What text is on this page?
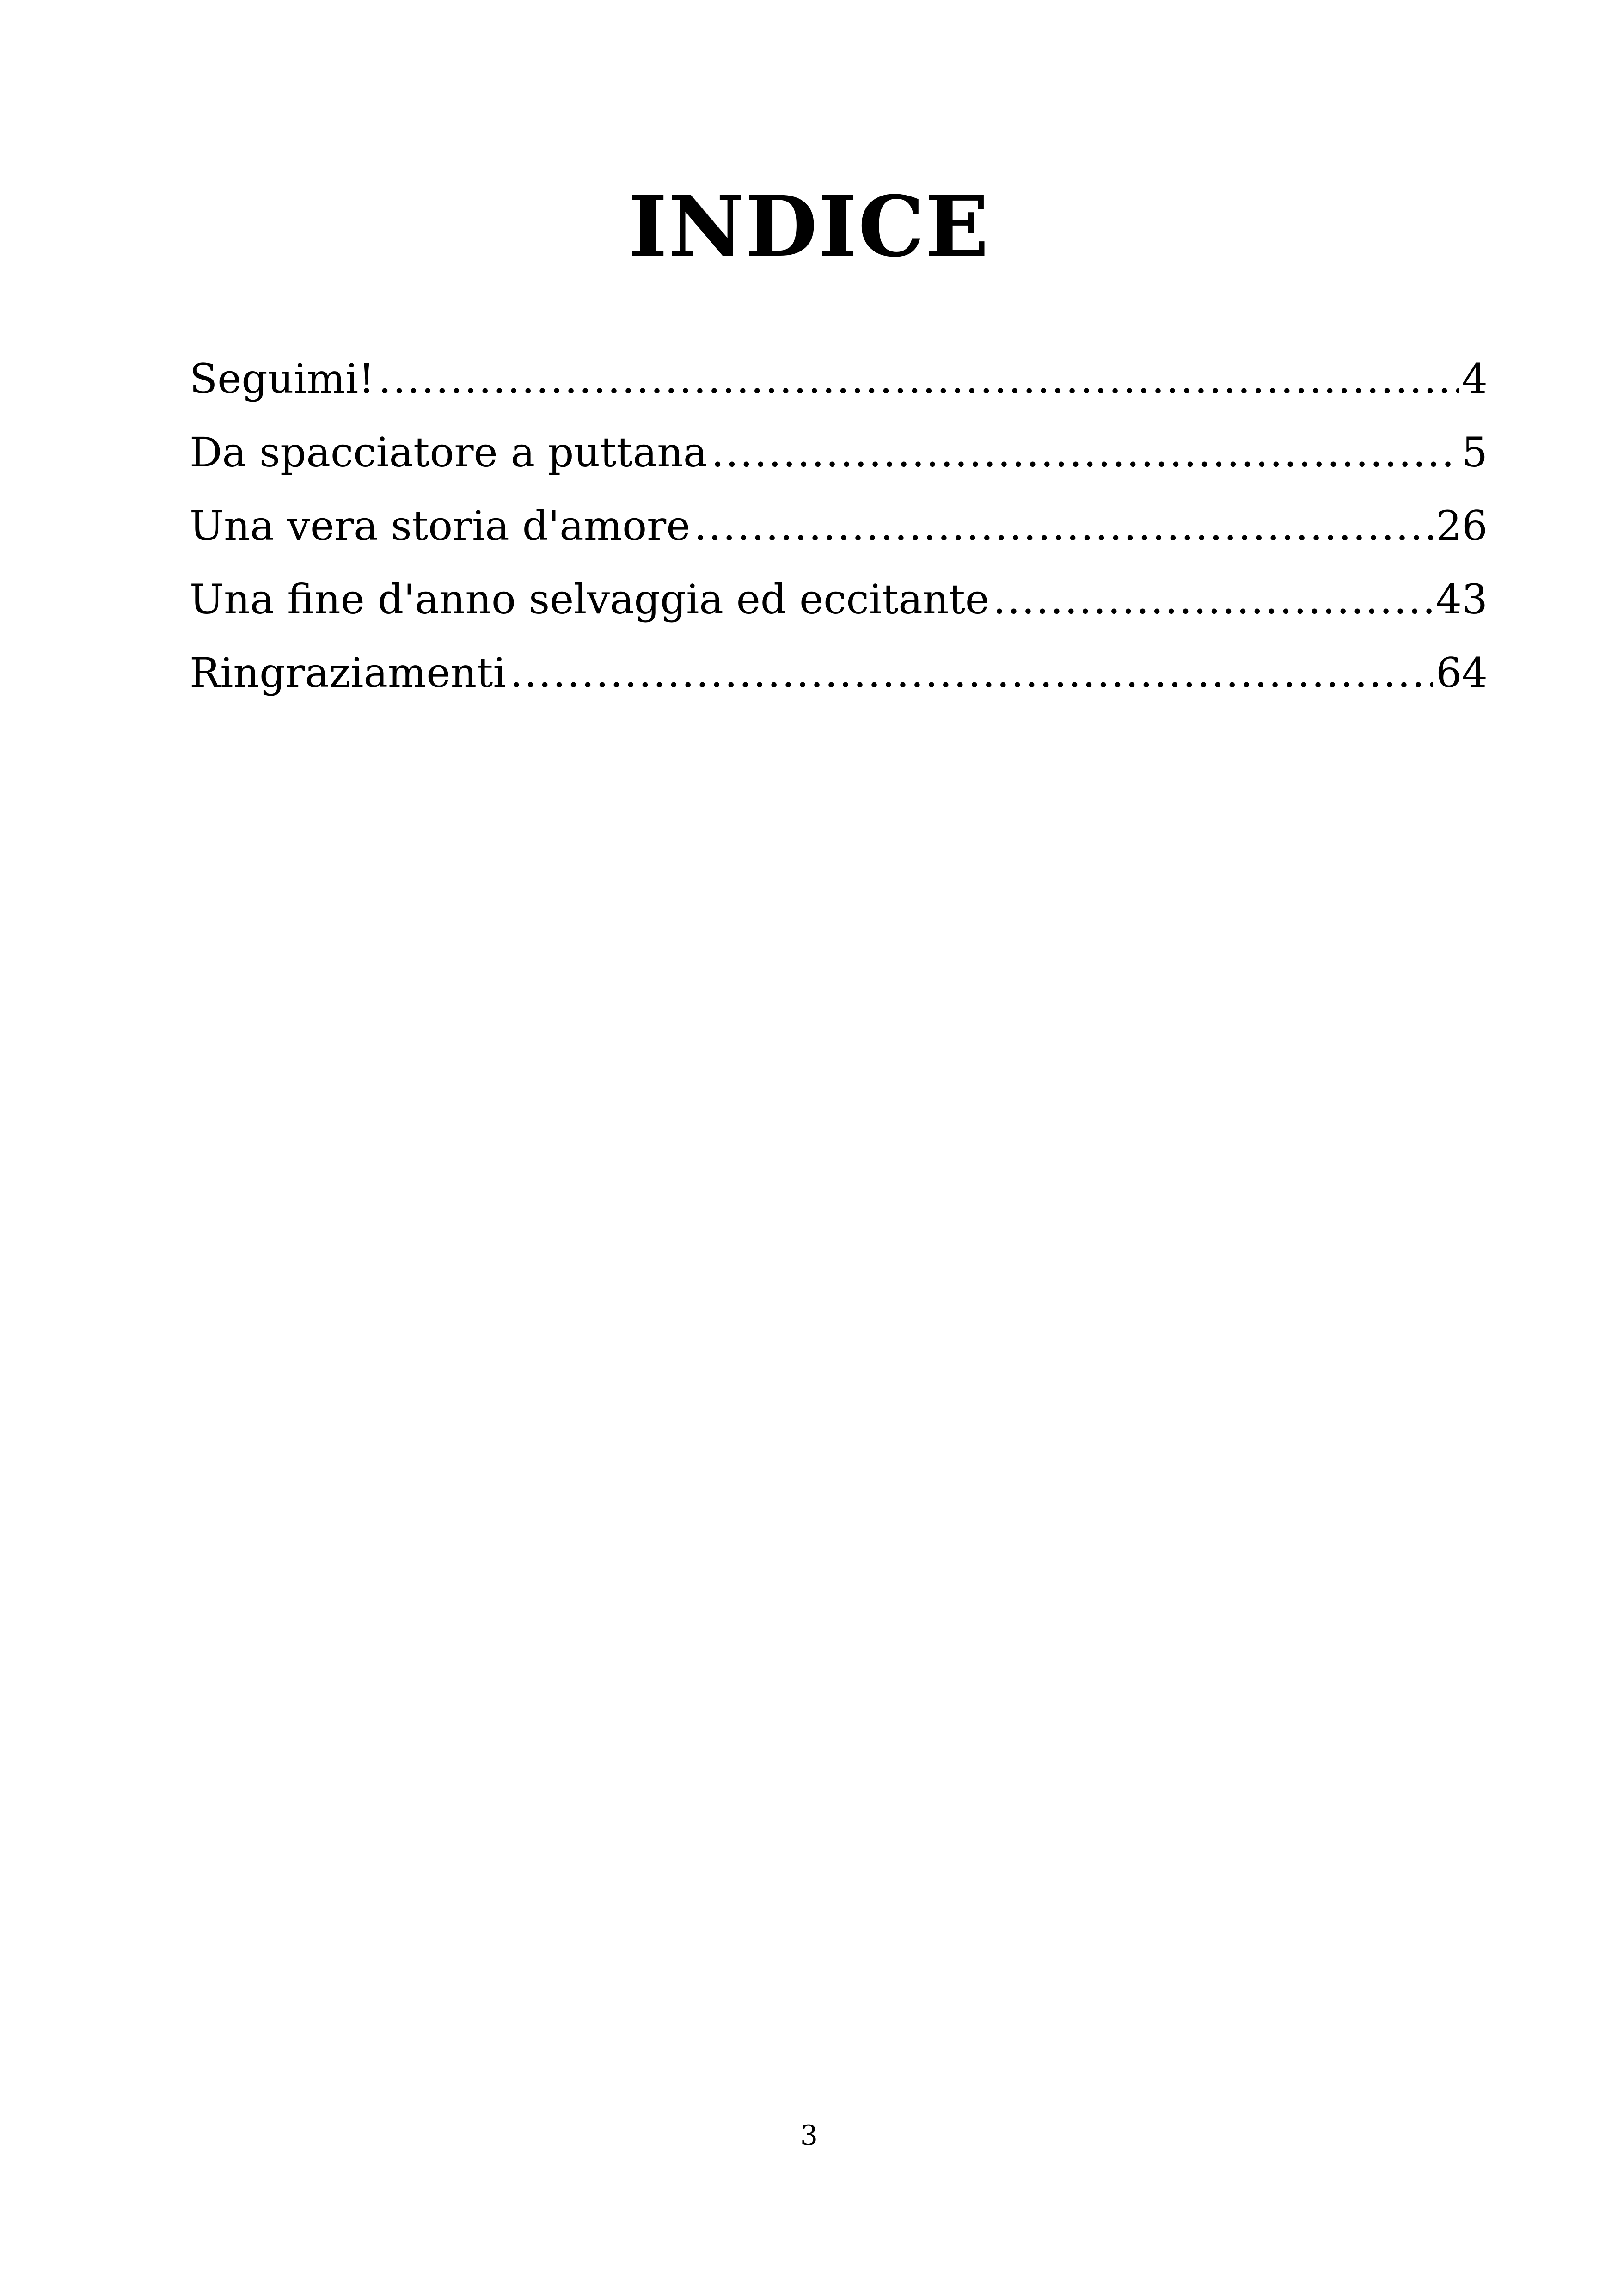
INDICE
Seguimi! .....	4
Da spacciatore a puttana .....	5
Una vera storia d'amore .....	26
Una fine d'anno selvaggia ed eccitante .....	43
Ringraziamenti .....	64
3
